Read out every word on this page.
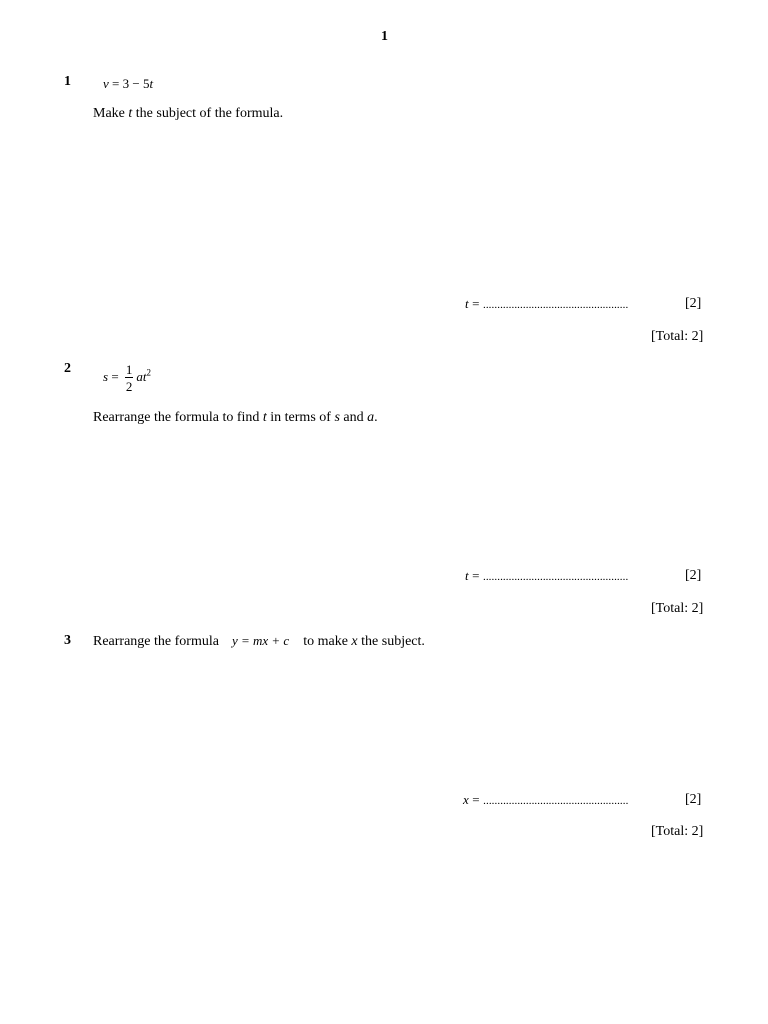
1
1 v = 3 − 5t
Make t the subject of the formula.
t = ...................................................	[2]
[Total: 2]
2
$s = \frac{1}{2} at^2$
Rearrange the formula to find t in terms of s and a.
t = ...................................................	[2]
[Total: 2]
3 Rearrange the formula y = mx + c to make x the subject.
x = ...................................................	[2]
[Total: 2]
